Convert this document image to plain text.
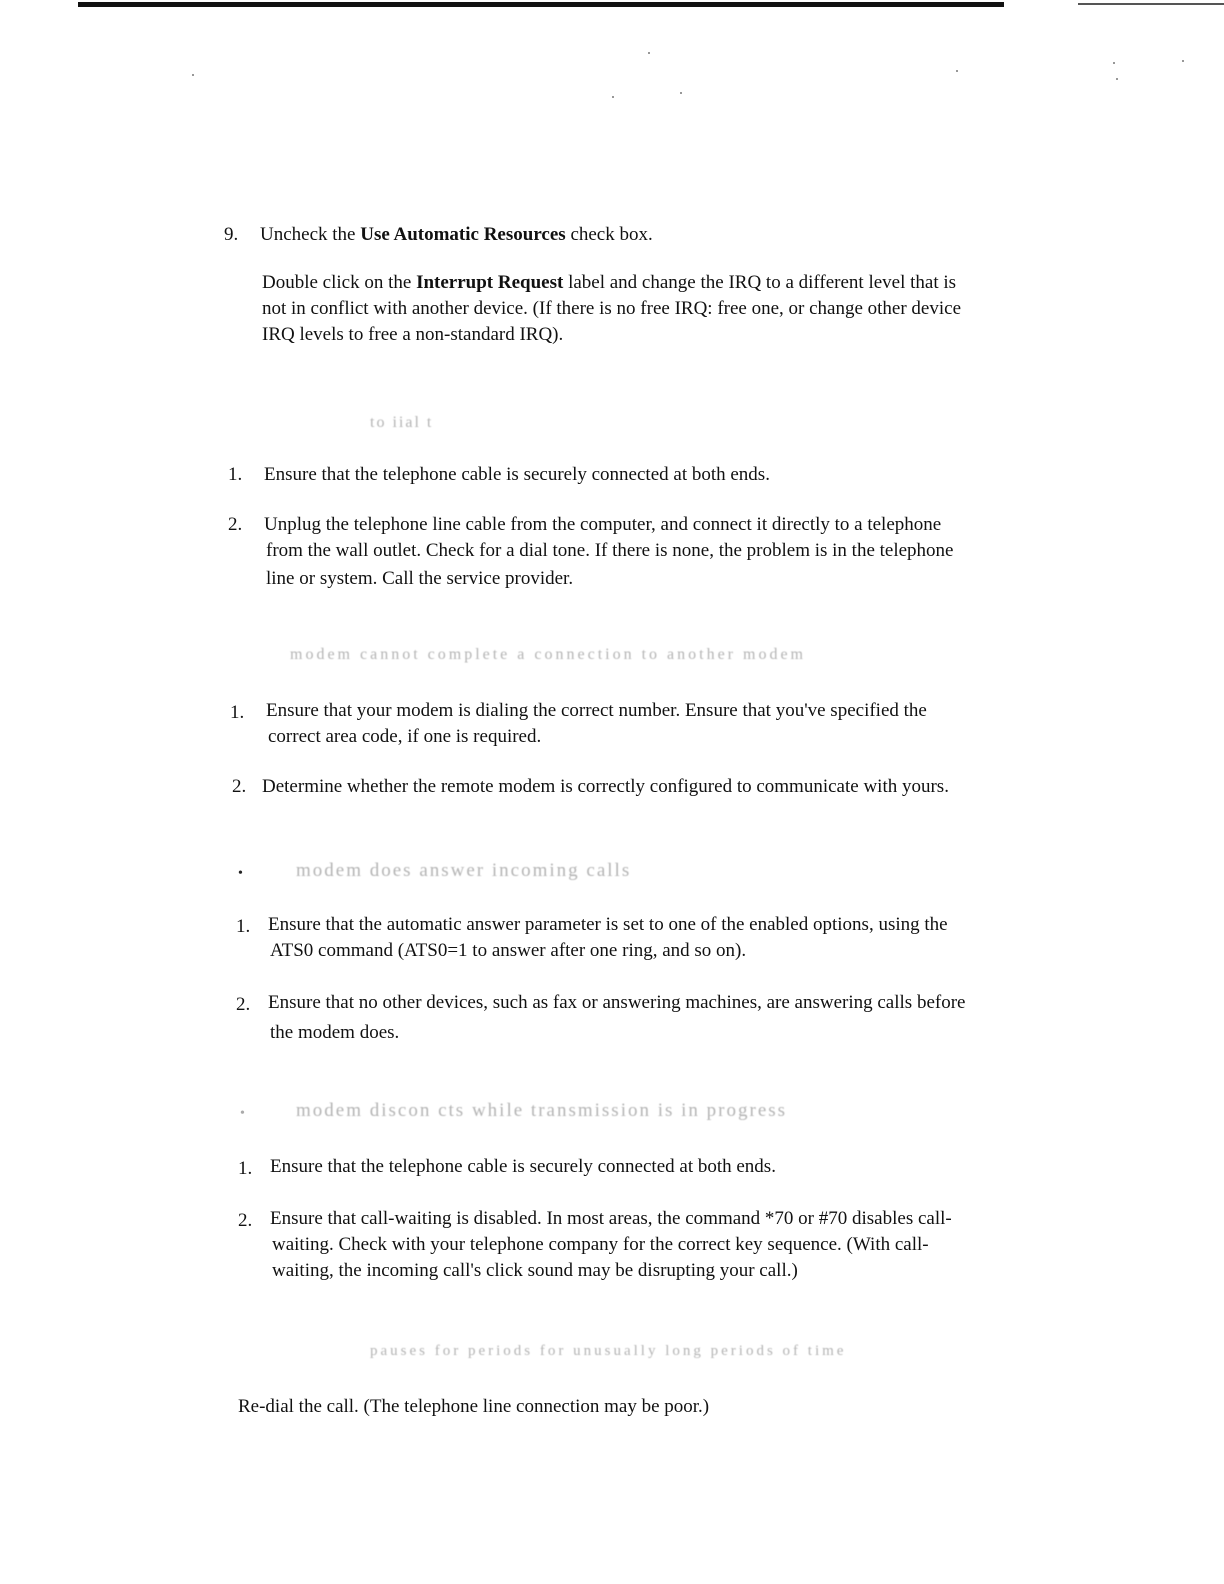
9. Uncheck the Use Automatic Resources check box.
Double click on the Interrupt Request label and change the IRQ to a different level that is
not in conflict with another device. (If there is no free IRQ: free one, or change other device
IRQ levels to free a non-standard IRQ).
to iial t
1. Ensure that the telephone cable is securely connected at both ends.
2. Unplug the telephone line cable from the computer, and connect it directly to a telephone
from the wall outlet. Check for a dial tone. If there is none, the problem is in the telephone
line or system. Call the service provider.
modem cannot complete a connection to another modem
1. Ensure that your modem is dialing the correct number. Ensure that you've specified the
correct area code, if one is required.
2. Determine whether the remote modem is correctly configured to communicate with yours.
•	modem does answer incoming calls
1. Ensure that the automatic answer parameter is set to one of the enabled options, using the
ATS0 command (ATS0=1 to answer after one ring, and so on).
2. Ensure that no other devices, such as fax or answering machines, are answering calls before
the modem does.
•	modem discon cts while transmission is in progress
1. Ensure that the telephone cable is securely connected at both ends.
2. Ensure that call-waiting is disabled. In most areas, the command *70 or #70 disables call-
waiting. Check with your telephone company for the correct key sequence. (With call-
waiting, the incoming call's click sound may be disrupting your call.)
pauses for periods for unusually long periods of time
Re-dial the call. (The telephone line connection may be poor.)
